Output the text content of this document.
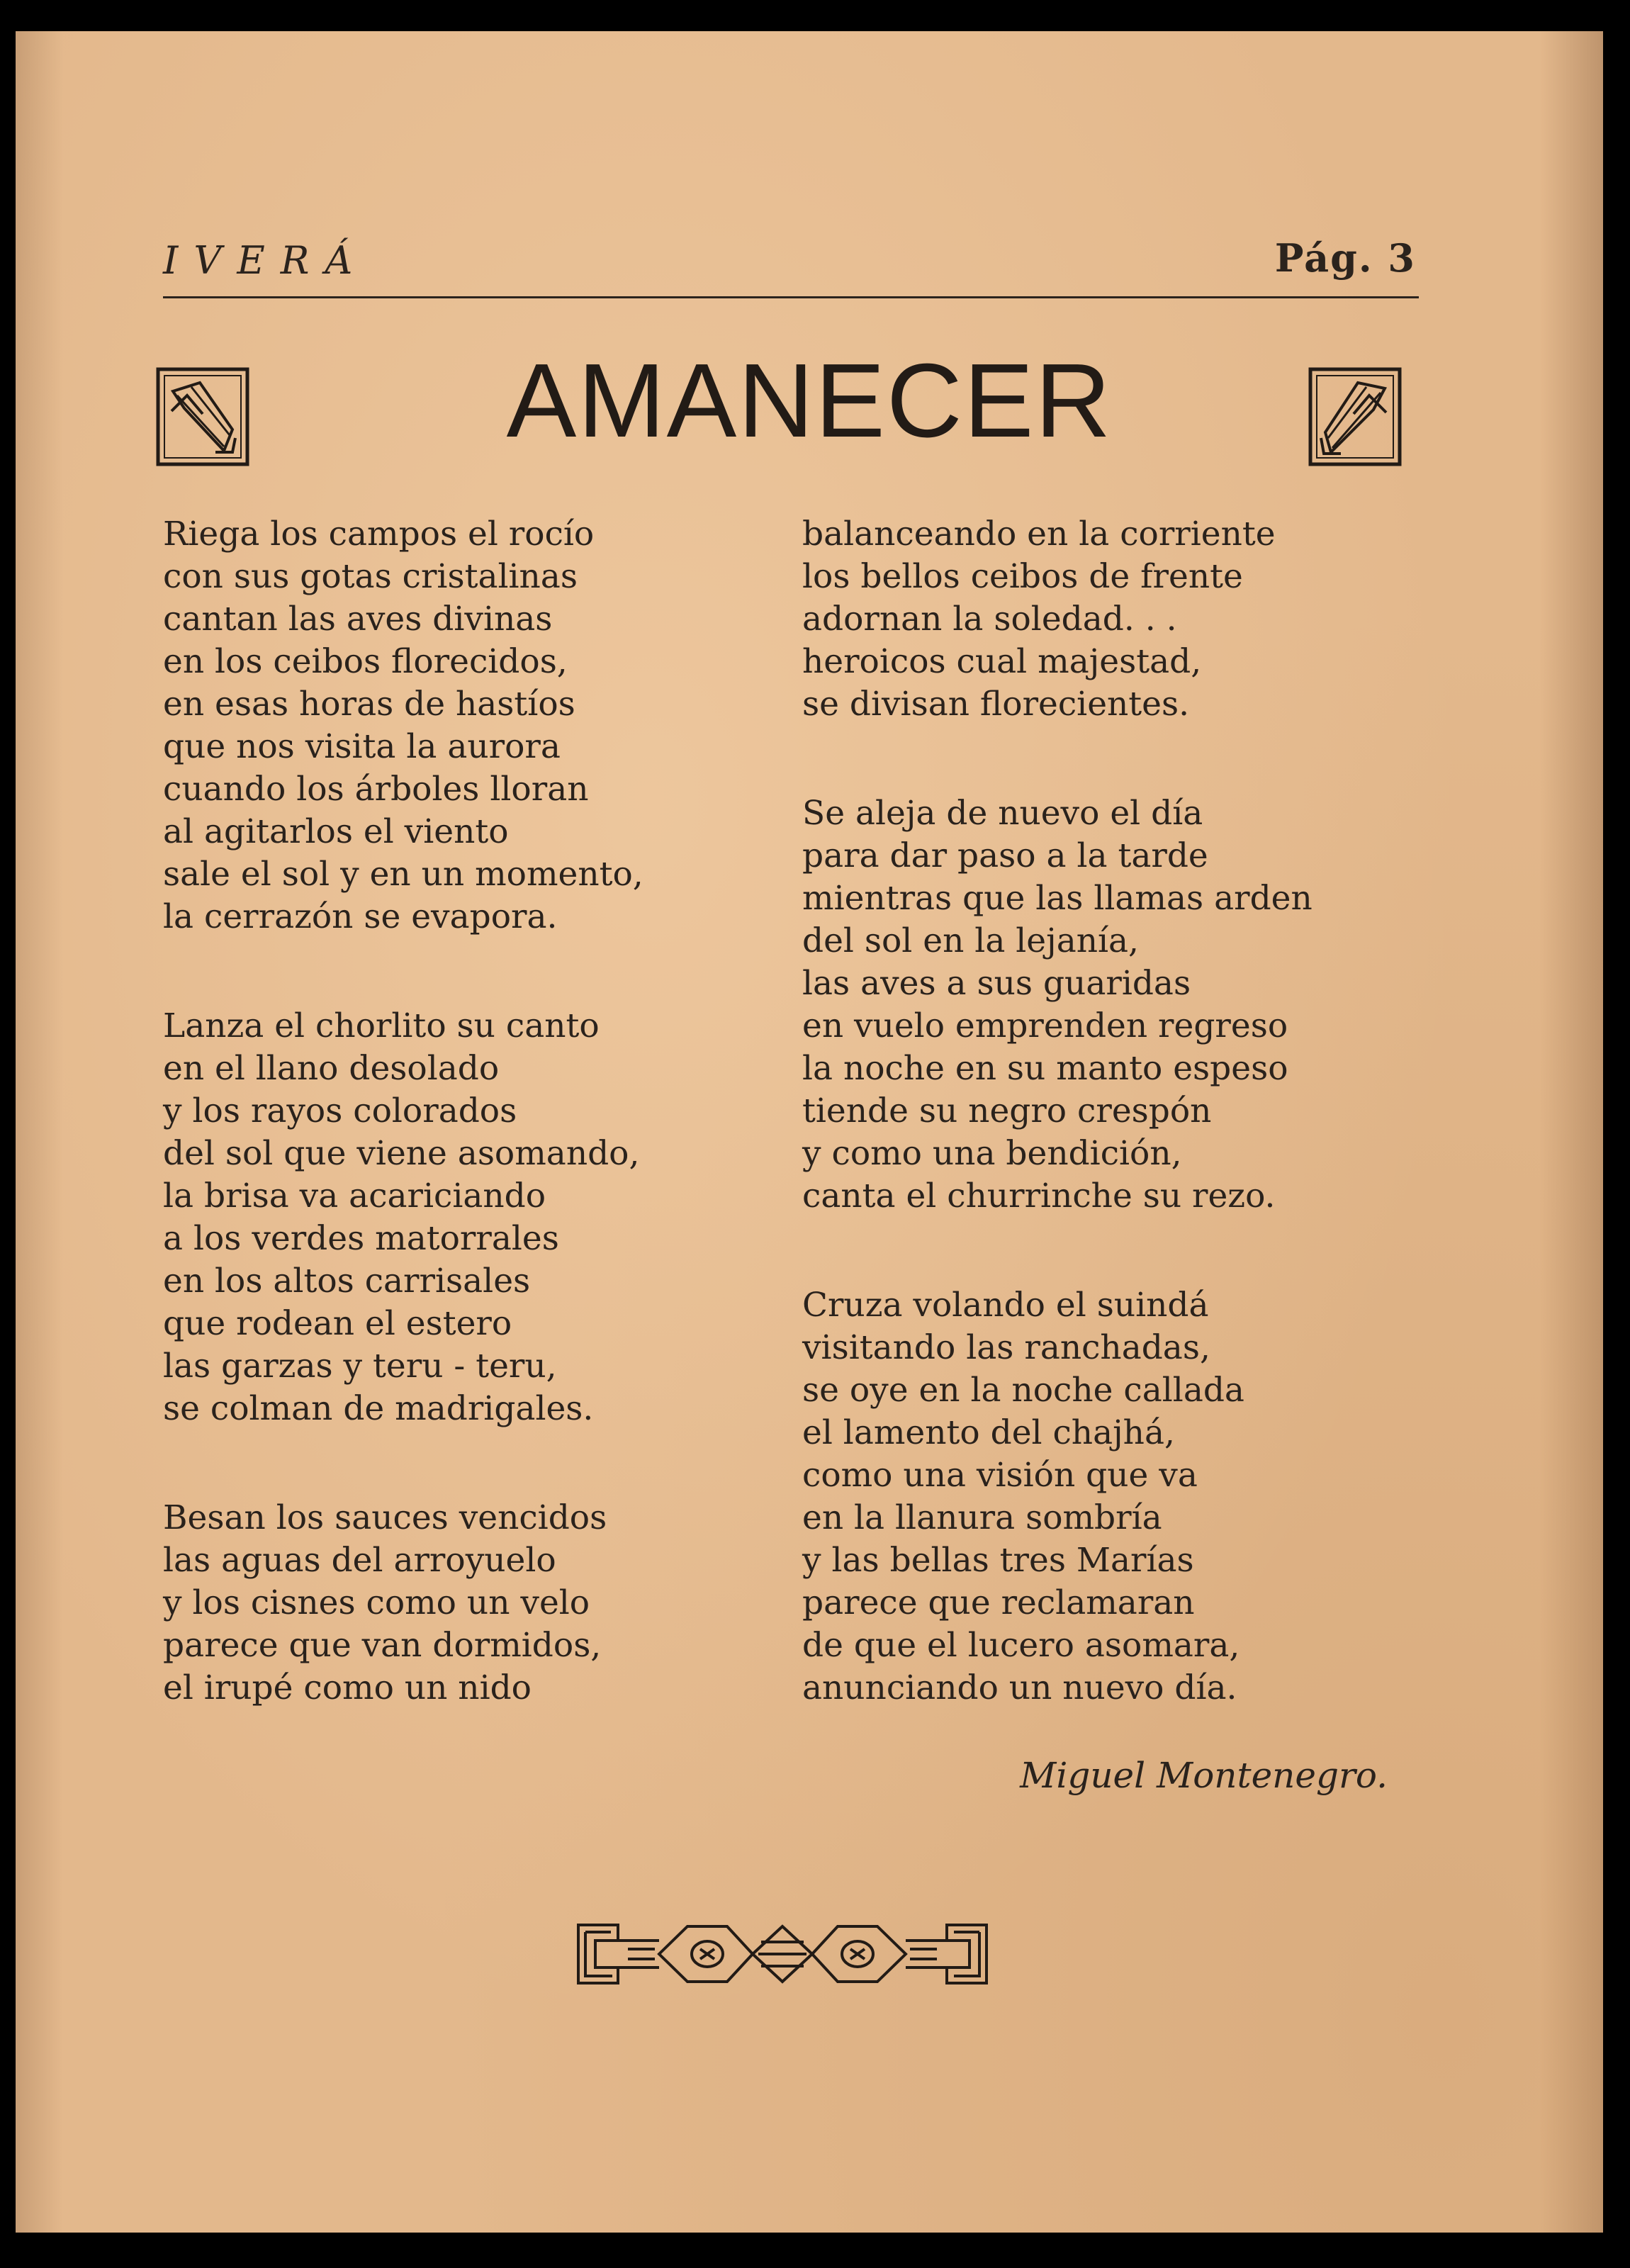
IVERÁ	Pág. 3
AMANECER
Riega los campos el rocío
con sus gotas cristalinas
cantan las aves divinas
en los ceibos florecidos,
en esas horas de hastíos
que nos visita la aurora
cuando los árboles lloran
al agitarlos el viento
sale el sol y en un momento,
la cerrazón se evapora.
Lanza el chorlito su canto
en el llano desolado
y los rayos colorados
del sol que viene asomando,
la brisa va acariciando
a los verdes matorrales
en los altos carrisales
que rodean el estero
las garzas y teru - teru,
se colman de madrigales.
Besan los sauces vencidos
las aguas del arroyuelo
y los cisnes como un velo
parece que van dormidos,
el irupé como un nido
balanceando en la corriente
los bellos ceibos de frente
adornan la soledad. . .
heroicos cual majestad,
se divisan florecientes.
Se aleja de nuevo el día
para dar paso a la tarde
mientras que las llamas arden
del sol en la lejanía,
las aves a sus guaridas
en vuelo emprenden regreso
la noche en su manto espeso
tiende su negro crespón
y como una bendición,
canta el churrinche su rezo.
Cruza volando el suindá
visitando las ranchadas,
se oye en la noche callada
el lamento del chajhá,
como una visión que va
en la llanura sombría
y las bellas tres Marías
parece que reclamaran
de que el lucero asomara,
anunciando un nuevo día.
Miguel Montenegro.
